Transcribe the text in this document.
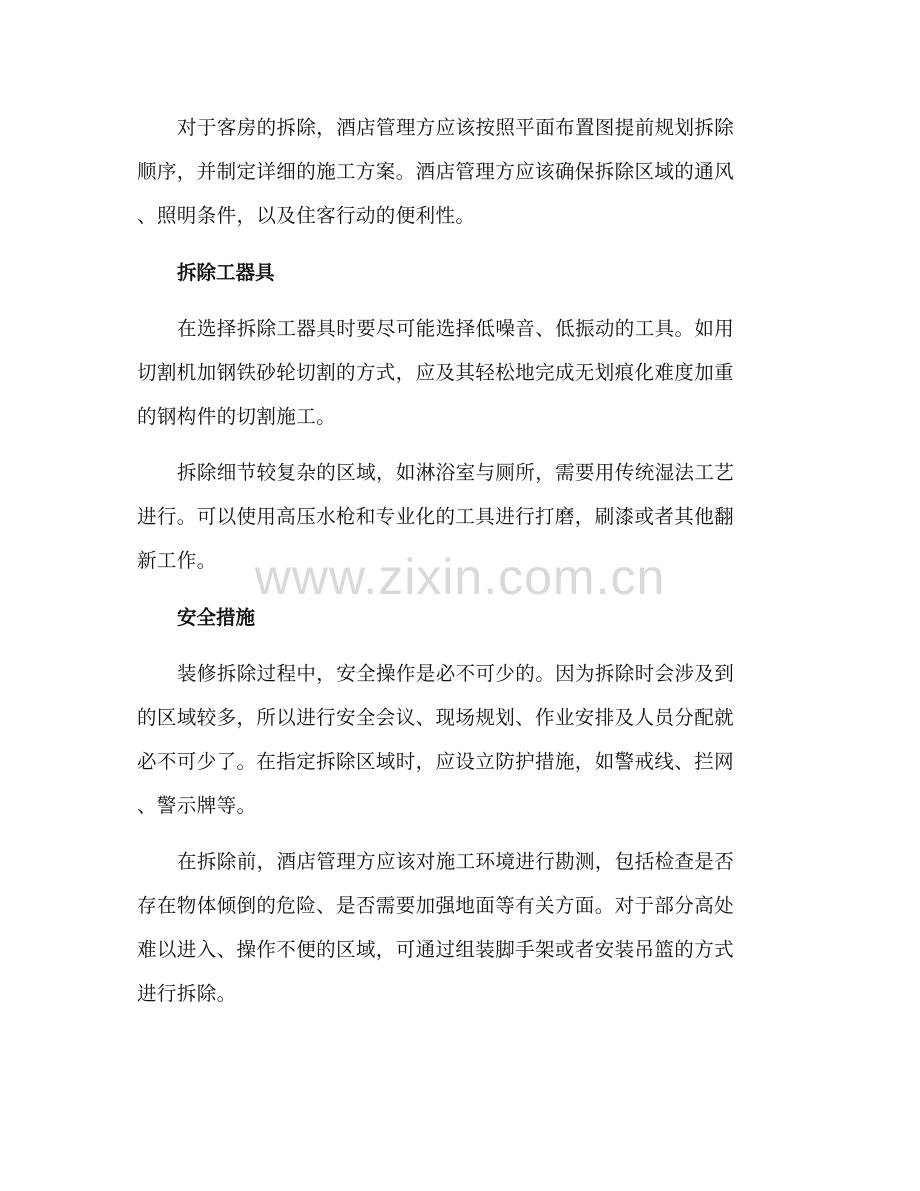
对于客房的拆除，酒店管理方应该按照平面布置图提前规划拆除
顺序，并制定详细的施工方案。酒店管理方应该确保拆除区域的通风
、照明条件，以及住客行动的便利性。
拆除工器具
在选择拆除工器具时要尽可能选择低噪音、低振动的工具。如用
切割机加钢铁砂轮切割的方式，应及其轻松地完成无划痕化难度加重
的钢构件的切割施工。
拆除细节较复杂的区域，如淋浴室与厕所，需要用传统湿法工艺
进行。可以使用高压水枪和专业化的工具进行打磨，刷漆或者其他翻
新工作。
安全措施
装修拆除过程中，安全操作是必不可少的。因为拆除时会涉及到
的区域较多，所以进行安全会议、现场规划、作业安排及人员分配就
必不可少了。在指定拆除区域时，应设立防护措施，如警戒线、拦网
、警示牌等。
在拆除前，酒店管理方应该对施工环境进行勘测，包括检查是否
存在物体倾倒的危险、是否需要加强地面等有关方面。对于部分高处
难以进入、操作不便的区域，可通过组装脚手架或者安装吊篮的方式
进行拆除。
www.zixin.com.cn
